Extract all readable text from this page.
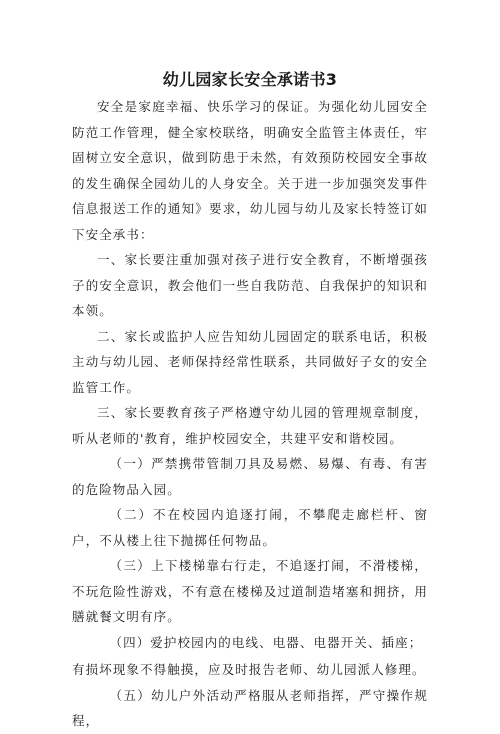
幼儿园家长安全承诺书3

安全是家庭幸福、快乐学习的保证。为强化幼儿园安全防范工作管理，健全家校联络，明确安全监管主体责任，牢固树立安全意识，做到防患于未然，有效预防校园安全事故的发生确保全园幼儿的人身安全。关于进一步加强突发事件信息报送工作的通知》要求，幼儿园与幼儿及家长特签订如下安全承书：

一、家长要注重加强对孩子进行安全教育，不断增强孩子的安全意识，教会他们一些自我防范、自我保护的知识和本领。

二、家长或监护人应告知幼儿园固定的联系电话，积极主动与幼儿园、老师保持经常性联系，共同做好子女的安全监管工作。

三、家长要教育孩子严格遵守幼儿园的管理规章制度，听从老师的'教育，维护校园安全，共建平安和谐校园。

（一）严禁携带管制刀具及易燃、易爆、有毒、有害的危险物品入园。

（二）不在校园内追逐打闹，不攀爬走廊栏杆、窗户，不从楼上往下抛掷任何物品。

（三）上下楼梯靠右行走，不追逐打闹，不滑楼梯，不玩危险性游戏，不有意在楼梯及过道制造堵塞和拥挤，用膳就餐文明有序。

（四）爱护校园内的电线、电器、电器开关、插座；

有损坏现象不得触摸，应及时报告老师、幼儿园派人修理。

（五）幼儿户外活动严格服从老师指挥，严守操作规程，
